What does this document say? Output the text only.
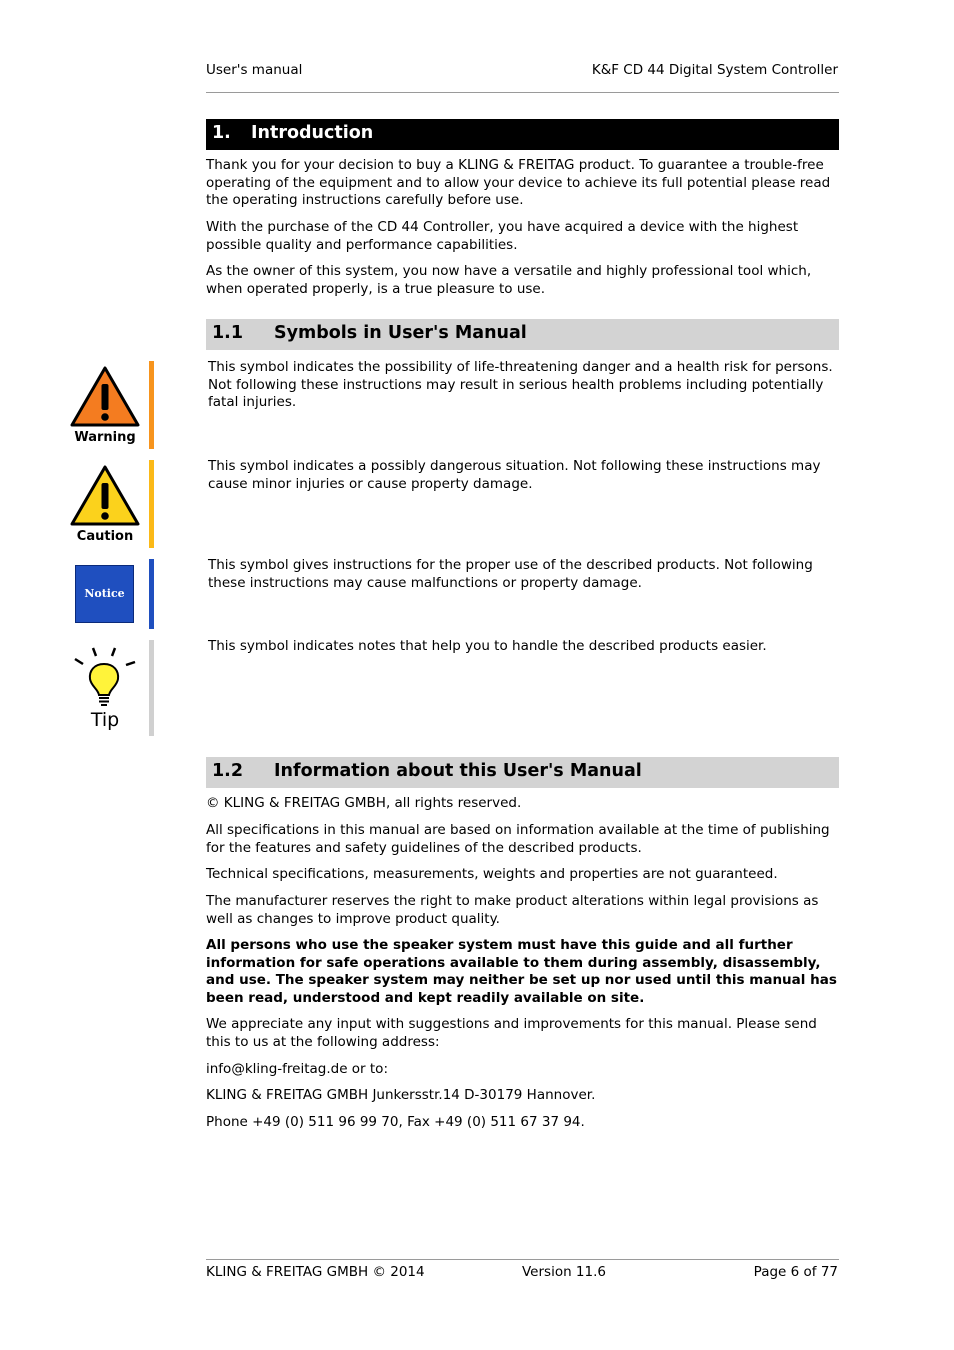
User's manual	K&F CD 44 Digital System Controller
1. Introduction
Thank you for your decision to buy a KLING & FREITAG product. To guarantee a trouble-free operating of the equipment and to allow your device to achieve its full potential please read the operating instructions carefully before use.
With the purchase of the CD 44 Controller, you have acquired a device with the highest possible quality and performance capabilities.
As the owner of this system, you now have a versatile and highly professional tool which, when operated properly, is a true pleasure to use.
1.1 Symbols in User's Manual
Warning
This symbol indicates the possibility of life-threatening danger and a health risk for persons. Not following these instructions may result in serious health problems including potentially fatal injuries.
Caution
This symbol indicates a possibly dangerous situation. Not following these instructions may cause minor injuries or cause property damage.
Notice
This symbol gives instructions for the proper use of the described products. Not following these instructions may cause malfunctions or property damage.
Tip
This symbol indicates notes that help you to handle the described products easier.
1.2 Information about this User's Manual
© KLING & FREITAG GMBH, all rights reserved.
All specifications in this manual are based on information available at the time of publishing for the features and safety guidelines of the described products.
Technical specifications, measurements, weights and properties are not guaranteed.
The manufacturer reserves the right to make product alterations within legal provisions as well as changes to improve product quality.
All persons who use the speaker system must have this guide and all further information for safe operations available to them during assembly, disassembly, and use. The speaker system may neither be set up nor used until this manual has been read, understood and kept readily available on site.
We appreciate any input with suggestions and improvements for this manual. Please send this to us at the following address:
info@kling-freitag.de or to:
KLING & FREITAG GMBH Junkersstr.14 D-30179 Hannover.
Phone +49 (0) 511 96 99 70, Fax +49 (0) 511 67 37 94.
KLING & FREITAG GMBH © 2014	Version 11.6	Page 6 of 77
